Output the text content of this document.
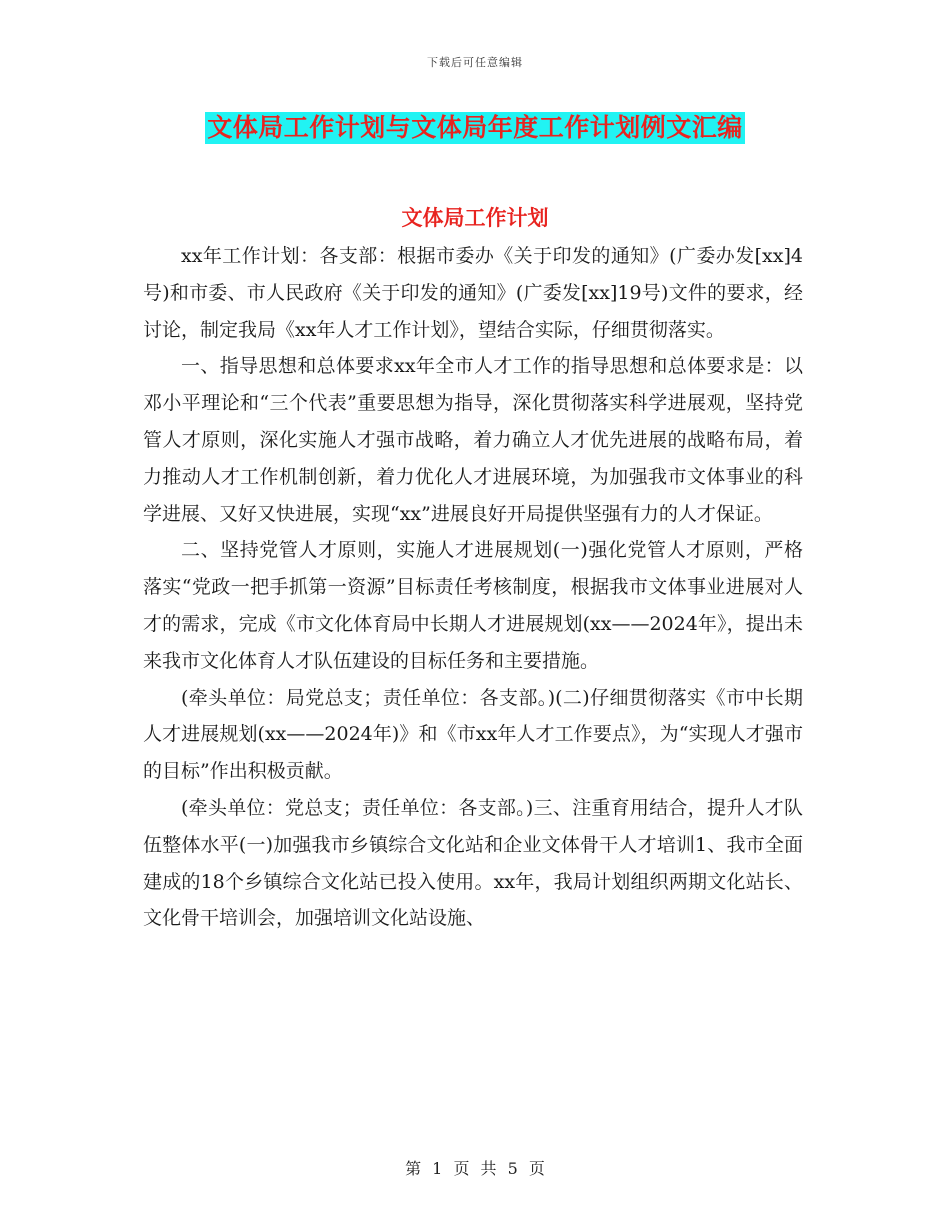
下载后可任意编辑
文体局工作计划与文体局年度工作计划例文汇编
文体局工作计划

xx年工作计划：各支部：根据市委办《关于印发的通知》(广委办发[xx]4号)和市委、市人民政府《关于印发的通知》(广委发[xx]19号)文件的要求，经讨论，制定我局《xx年人才工作计划》，望结合实际，仔细贯彻落实。

一、指导思想和总体要求xx年全市人才工作的指导思想和总体要求是：以邓小平理论和“三个代表”重要思想为指导，深化贯彻落实科学进展观，坚持党管人才原则，深化实施人才强市战略，着力确立人才优先进展的战略布局，着力推动人才工作机制创新，着力优化人才进展环境，为加强我市文体事业的科学进展、又好又快进展，实现“xx”进展良好开局提供坚强有力的人才保证。

二、坚持党管人才原则，实施人才进展规划(一)强化党管人才原则，严格落实“党政一把手抓第一资源”目标责任考核制度，根据我市文体事业进展对人才的需求，完成《市文化体育局中长期人才进展规划(xx——2024年》，提出未来我市文化体育人才队伍建设的目标任务和主要措施。

(牵头单位：局党总支；责任单位：各支部。)(二)仔细贯彻落实《市中长期人才进展规划(xx——2024年)》和《市xx年人才工作要点》，为“实现人才强市的目标”作出积极贡献。

(牵头单位：党总支；责任单位：各支部。)三、注重育用结合，提升人才队伍整体水平(一)加强我市乡镇综合文化站和企业文体骨干人才培训1、我市全面建成的18个乡镇综合文化站已投入使用。xx年，我局计划组织两期文化站长、文化骨干培训会，加强培训文化站设施、

第 1 页 共 5 页
